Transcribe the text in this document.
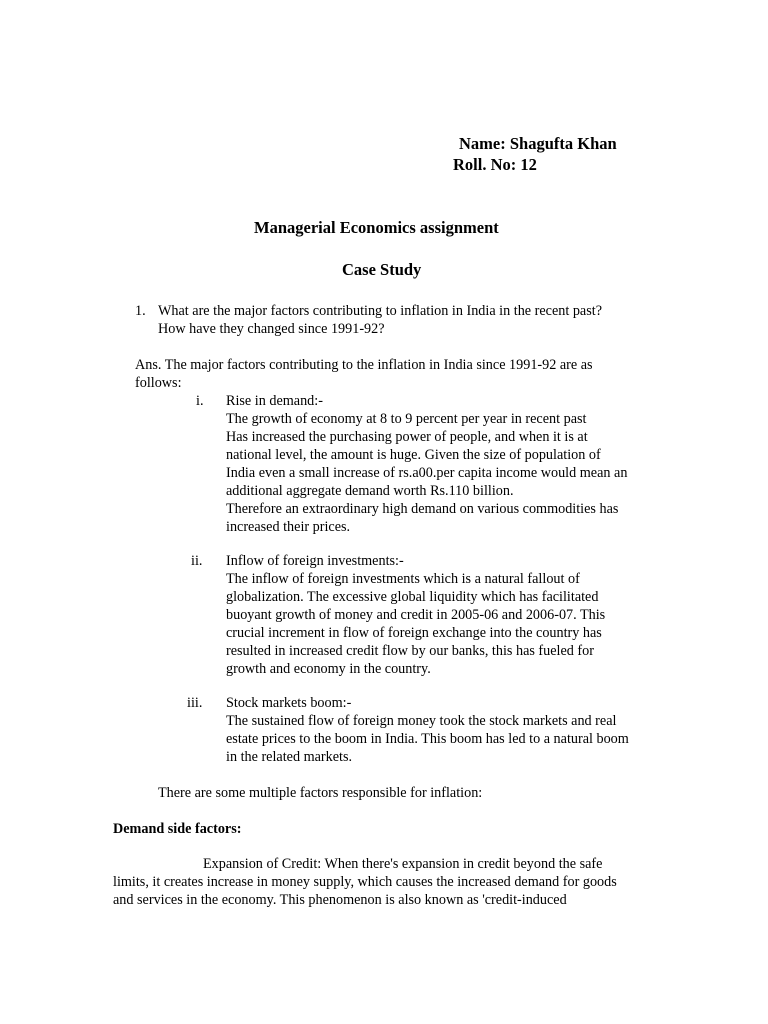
Name: Shagufta Khan
Roll. No: 12
Managerial Economics assignment
Case Study
1. What are the major factors contributing to inflation in India in the recent past?
How have they changed since 1991-92?
Ans. The major factors contributing to the inflation in India since 1991-92 are as
follows:
i. Rise in demand:-
The growth of economy at 8 to 9 percent per year in recent past
Has increased the purchasing power of people, and when it is at
national level, the amount is huge. Given the size of population of
India even a small increase of rs.a00.per capita income would mean an
additional aggregate demand worth Rs.110 billion.
Therefore an extraordinary high demand on various commodities has
increased their prices.
ii. Inflow of foreign investments:-
The inflow of foreign investments which is a natural fallout of
globalization. The excessive global liquidity which has facilitated
buoyant growth of money and credit in 2005-06 and 2006-07. This
crucial increment in flow of foreign exchange into the country has
resulted in increased credit flow by our banks, this has fueled for
growth and economy in the country.
iii. Stock markets boom:-
The sustained flow of foreign money took the stock markets and real
estate prices to the boom in India. This boom has led to a natural boom
in the related markets.
There are some multiple factors responsible for inflation:
Demand side factors:
Expansion of Credit: When there's expansion in credit beyond the safe
limits, it creates increase in money supply, which causes the increased demand for goods
and services in the economy. This phenomenon is also known as 'credit-induced
